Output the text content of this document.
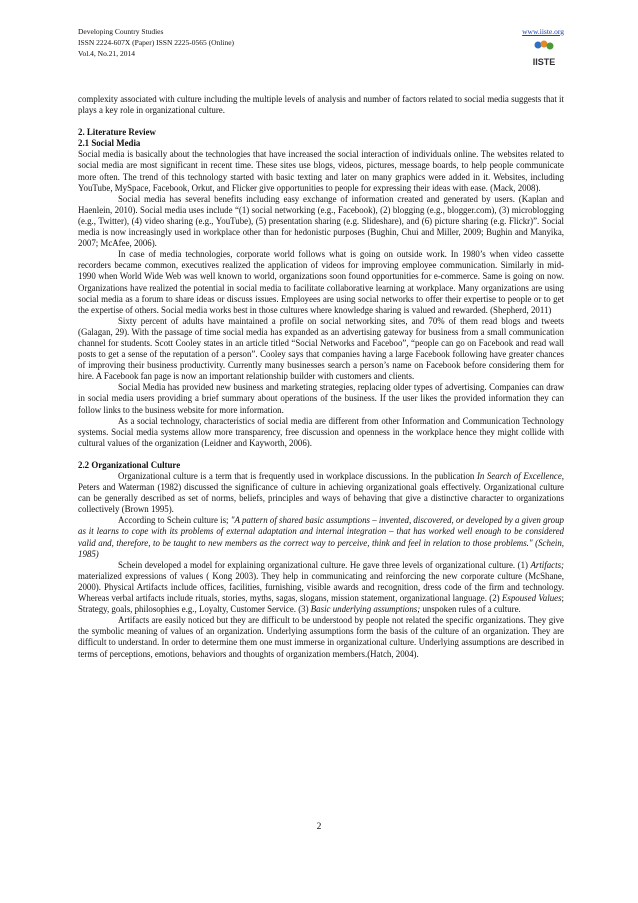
Developing Country Studies
ISSN 2224-607X (Paper) ISSN 2225-0565 (Online)
Vol.4, No.21, 2014
www.iiste.org
IISTE

complexity associated with culture including the multiple levels of analysis and number of factors related to social media suggests that it plays a key role in organizational culture.

2. Literature Review
2.1 Social Media

Social media is basically about the technologies that have increased the social interaction of individuals online. The websites related to social media are most significant in recent time. These sites use blogs, videos, pictures, message boards, to help people communicate more often. The trend of this technology started with basic texting and later on many graphics were added in it. Websites, including YouTube, MySpace, Facebook, Orkut, and Flicker give opportunities to people for expressing their ideas with ease. (Mack, 2008).

Social media has several benefits including easy exchange of information created and generated by users. (Kaplan and Haenlein, 2010). Social media uses include “(1) social networking (e.g., Facebook), (2) blogging (e.g., blogger.com), (3) microblogging (e.g., Twitter), (4) video sharing (e.g., YouTube), (5) presentation sharing (e.g. Slideshare), and (6) picture sharing (e.g. Flickr)”. Social media is now increasingly used in workplace other than for hedonistic purposes (Bughin, Chui and Miller, 2009; Bughin and Manyika, 2007; McAfee, 2006).

In case of media technologies, corporate world follows what is going on outside work. In 1980’s when video cassette recorders became common, executives realized the application of videos for improving employee communication. Similarly in mid-1990 when World Wide Web was well known to world, organizations soon found opportunities for e-commerce. Same is going on now. Organizations have realized the potential in social media to facilitate collaborative learning at workplace. Many organizations are using social media as a forum to share ideas or discuss issues. Employees are using social networks to offer their expertise to people or to get the expertise of others. Social media works best in those cultures where knowledge sharing is valued and rewarded. (Shepherd, 2011)

Sixty percent of adults have maintained a profile on social networking sites, and 70% of them read blogs and tweets (Galagan, 29). With the passage of time social media has expanded as an advertising gateway for business from a small communication channel for students. Scott Cooley states in an article titled “Social Networks and Faceboo”, “people can go on Facebook and read wall posts to get a sense of the reputation of a person”. Cooley says that companies having a large Facebook following have greater chances of improving their business productivity. Currently many businesses search a person’s name on Facebook before considering them for hire. A Facebook fan page is now an important relationship builder with customers and clients.

Social Media has provided new business and marketing strategies, replacing older types of advertising. Companies can draw in social media users providing a brief summary about operations of the business. If the user likes the provided information they can follow links to the business website for more information.

As a social technology, characteristics of social media are different from other Information and Communication Technology systems. Social media systems allow more transparency, free discussion and openness in the workplace hence they might collide with cultural values of the organization (Leidner and Kayworth, 2006).

2.2 Organizational Culture

Organizational culture is a term that is frequently used in workplace discussions. In the publication In Search of Excellence, Peters and Waterman (1982) discussed the significance of culture in achieving organizational goals effectively. Organizational culture can be generally described as set of norms, beliefs, principles and ways of behaving that give a distinctive character to organizations collectively (Brown 1995).

According to Schein culture is; "A pattern of shared basic assumptions – invented, discovered, or developed by a given group as it learns to cope with its problems of external adaptation and internal integration – that has worked well enough to be considered valid and, therefore, to be taught to new members as the correct way to perceive, think and feel in relation to those problems." (Schein, 1985)

Schein developed a model for explaining organizational culture. He gave three levels of organizational culture. (1) Artifacts; materialized expressions of values ( Kong 2003). They help in communicating and reinforcing the new corporate culture (McShane, 2000). Physical Artifacts include offices, facilities, furnishing, visible awards and recognition, dress code of the firm and technology. Whereas verbal artifacts include rituals, stories, myths, sagas, slogans, mission statement, organizational language. (2) Espoused Values; Strategy, goals, philosophies e.g., Loyalty, Customer Service. (3) Basic underlying assumptions; unspoken rules of a culture.

Artifacts are easily noticed but they are difficult to be understood by people not related the specific organizations. They give the symbolic meaning of values of an organization. Underlying assumptions form the basis of the culture of an organization. They are difficult to understand. In order to determine them one must immerse in organizational culture. Underlying assumptions are described in terms of perceptions, emotions, behaviors and thoughts of organization members.(Hatch, 2004).

2
